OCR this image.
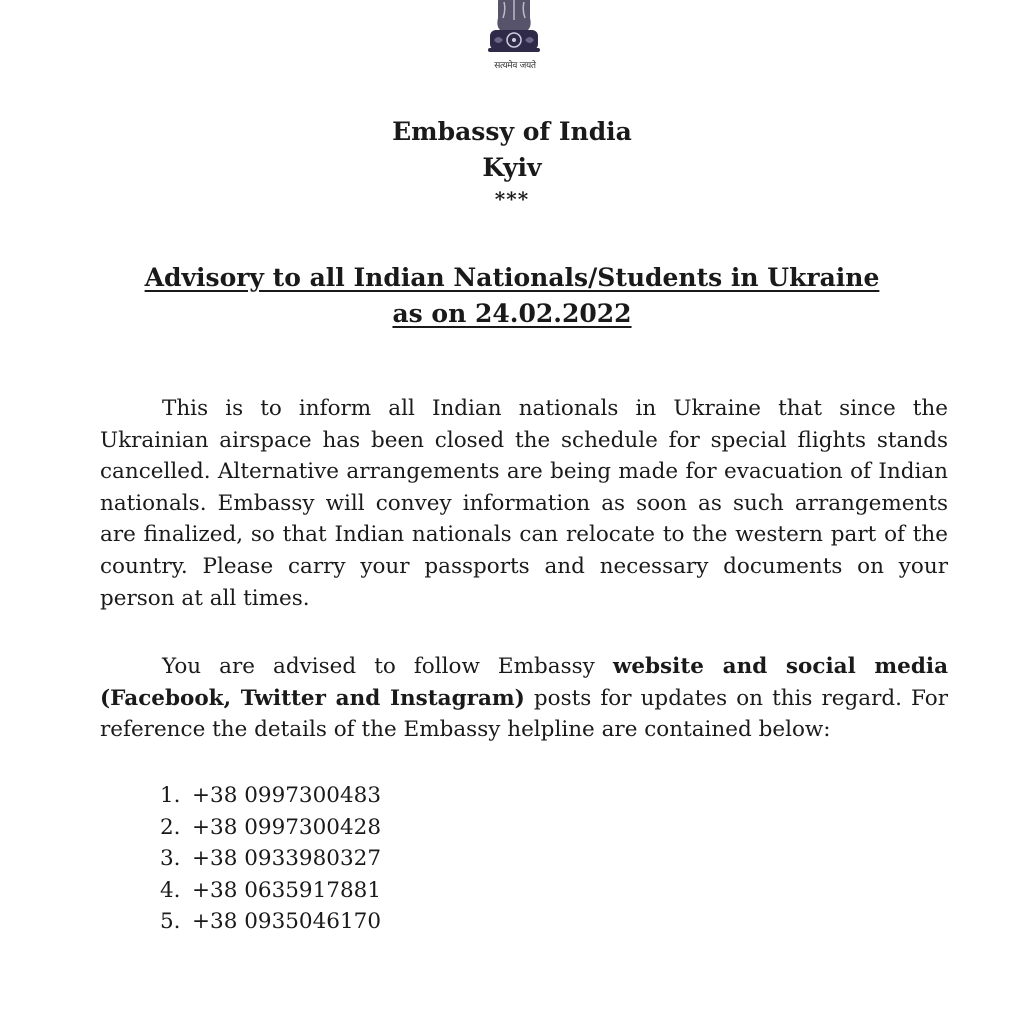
सत्यमेव जयते
Embassy of India
Kyiv
***
Advisory to all Indian Nationals/Students in Ukraine
as on 24.02.2022

This is to inform all Indian nationals in Ukraine that since the Ukrainian airspace has been closed the schedule for special flights stands cancelled. Alternative arrangements are being made for evacuation of Indian nationals. Embassy will convey information as soon as such arrangements are finalized, so that Indian nationals can relocate to the western part of the country. Please carry your passports and necessary documents on your person at all times.

You are advised to follow Embassy website and social media (Facebook, Twitter and Instagram) posts for updates on this regard. For reference the details of the Embassy helpline are contained below:

1. +38 0997300483
2. +38 0997300428
3. +38 0933980327
4. +38 0635917881
5. +38 0935046170
